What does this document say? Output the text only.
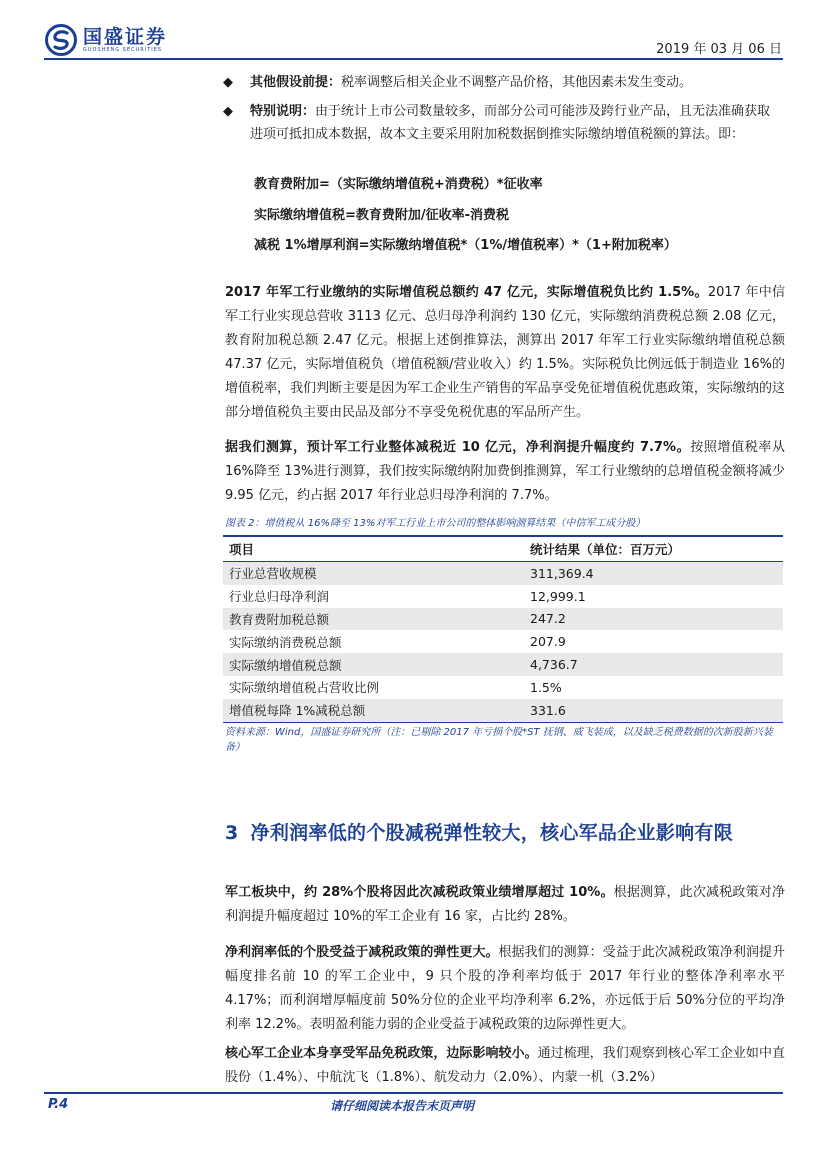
国盛证券
GUOSHENG SECURITIES	2019 年 03 月 06 日
◆ 其他假设前提：税率调整后相关企业不调整产品价格，其他因素未发生变动。
◆ 特别说明：由于统计上市公司数量较多，而部分公司可能涉及跨行业产品，且无法准确获取进项可抵扣成本数据，故本文主要采用附加税数据倒推实际缴纳增值税额的算法。即：
教育费附加=（实际缴纳增值税+消费税）*征收率
实际缴纳增值税=教育费附加/征收率-消费税
减税 1%增厚利润=实际缴纳增值税*（1%/增值税率）*（1+附加税率）
2017 年军工行业缴纳的实际增值税总额约 47 亿元，实际增值税负比约 1.5%。2017 年中信军工行业实现总营收 3113 亿元、总归母净利润约 130 亿元，实际缴纳消费税总额 2.08 亿元，教育附加税总额 2.47 亿元。根据上述倒推算法，测算出 2017 年军工行业实际缴纳增值税总额 47.37 亿元，实际增值税负（增值税额/营业收入）约 1.5%。实际税负比例远低于制造业 16%的增值税率，我们判断主要是因为军工企业生产销售的军品享受免征增值税优惠政策，实际缴纳的这部分增值税负主要由民品及部分不享受免税优惠的军品所产生。
据我们测算，预计军工行业整体减税近 10 亿元，净利润提升幅度约 7.7%。按照增值税率从 16%降至 13%进行测算，我们按实际缴纳附加费倒推测算，军工行业缴纳的总增值税金额将减少 9.95 亿元，约占据 2017 年行业总归母净利润的 7.7%。
图表 2：增值税从 16%降至 13%对军工行业上市公司的整体影响测算结果（中信军工成分股）
项目	统计结果（单位：百万元）
行业总营收规模	311,369.4
行业总归母净利润	12,999.1
教育费附加税总额	247.2
实际缴纳消费税总额	207.9
实际缴纳增值税总额	4,736.7
实际缴纳增值税占营收比例	1.5%
增值税每降 1%减税总额	331.6
资料来源：Wind，国盛证券研究所（注：已剔除 2017 年亏损个股*ST 抚钢、威飞装成，以及缺乏税费数据的次新股新兴装备）
3 净利润率低的个股减税弹性较大，核心军品企业影响有限
军工板块中，约 28%个股将因此次减税政策业绩增厚超过 10%。根据测算，此次减税政策对净利润提升幅度超过 10%的军工企业有 16 家，占比约 28%。
净利润率低的个股受益于减税政策的弹性更大。根据我们的测算：受益于此次减税政策净利润提升幅度排名前 10 的军工企业中，9 只个股的净利率均低于 2017 年行业的整体净利率水平 4.17%；而利润增厚幅度前 50%分位的企业平均净利率 6.2%，亦远低于后 50%分位的平均净利率 12.2%。表明盈利能力弱的企业受益于减税政策的边际弹性更大。
核心军工企业本身享受军品免税政策，边际影响较小。通过梳理，我们观察到核心军工企业如中直股份（1.4%）、中航沈飞（1.8%）、航发动力（2.0%）、内蒙一机（3.2%）
P.4	请仔细阅读本报告末页声明
